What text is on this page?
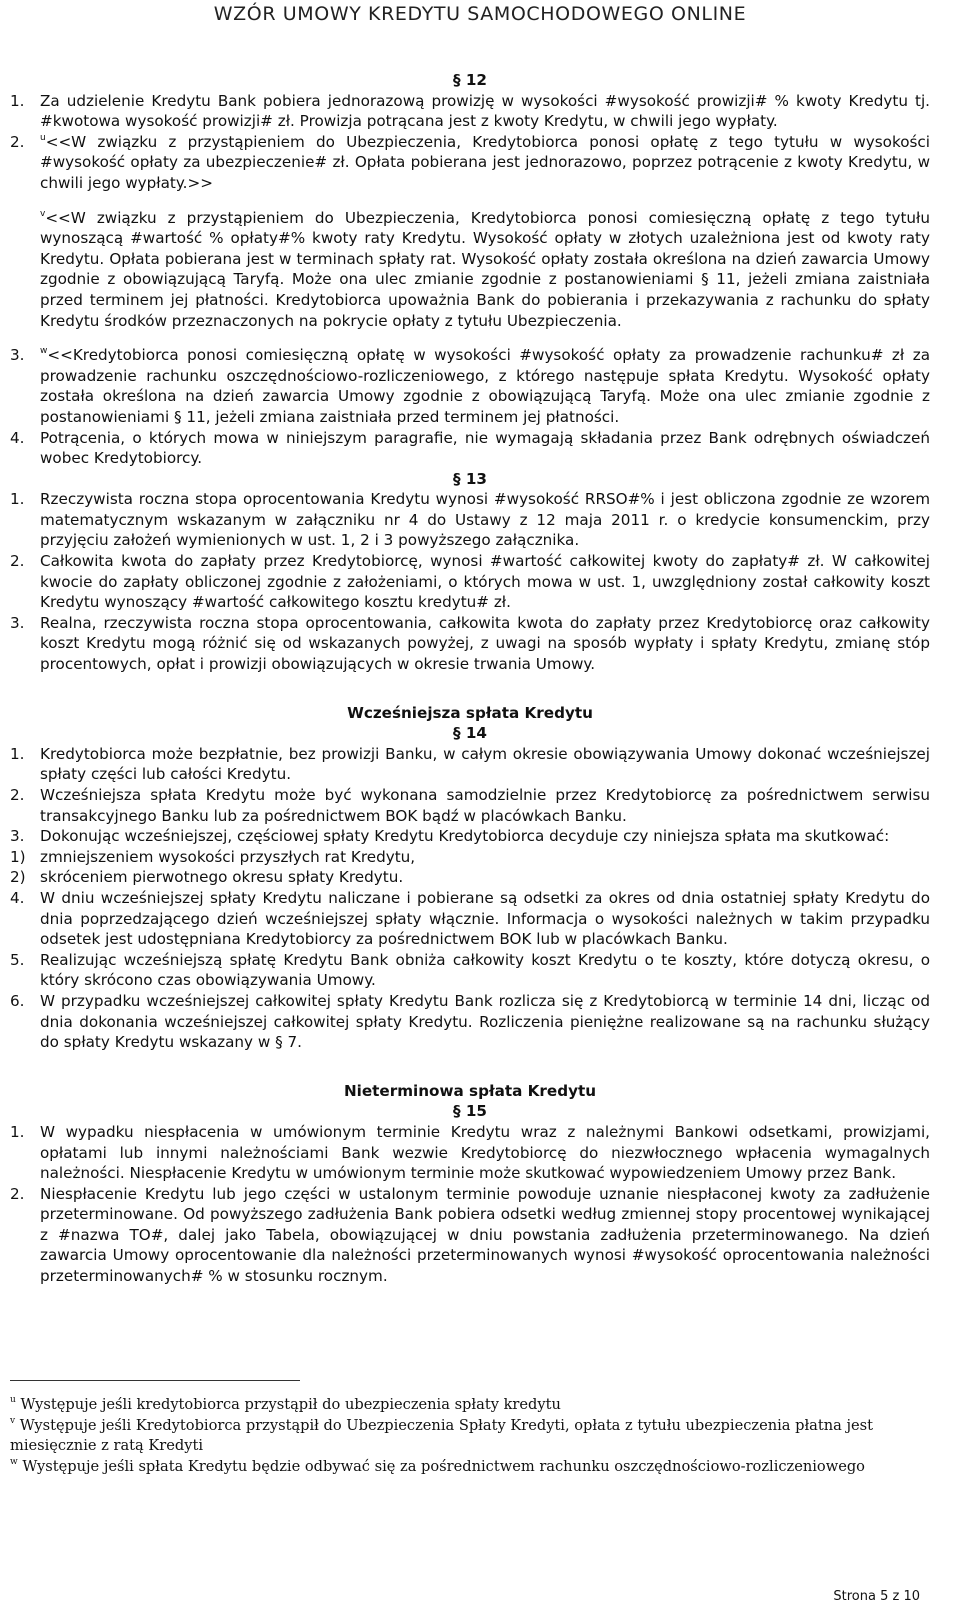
WZÓR UMOWY KREDYTU SAMOCHODOWEGO ONLINE

§ 12

1. Za udzielenie Kredytu Bank pobiera jednorazową prowizję w wysokości #wysokość prowizji# % kwoty Kredytu tj. #kwotowa wysokość prowizji# zł. Prowizja potrącana jest z kwoty Kredytu, w chwili jego wypłaty.
2. $^u$<<W związku z przystąpieniem do Ubezpieczenia, Kredytobiorca ponosi opłatę z tego tytułu w wysokości #wysokość opłaty za ubezpieczenie# zł. Opłata pobierana jest jednorazowo, poprzez potrącenie z kwoty Kredytu, w chwili jego wypłaty.>>
$^v$<<W związku z przystąpieniem do Ubezpieczenia, Kredytobiorca ponosi comiesięczną opłatę z tego tytułu wynoszącą #wartość % opłaty#% kwoty raty Kredytu. Wysokość opłaty w złotych uzależniona jest od kwoty raty Kredytu. Opłata pobierana jest w terminach spłaty rat. Wysokość opłaty została określona na dzień zawarcia Umowy zgodnie z obowiązującą Taryfą. Może ona ulec zmianie zgodnie z postanowieniami § 11, jeżeli zmiana zaistniała przed terminem jej płatności. Kredytobiorca upoważnia Bank do pobierania i przekazywania z rachunku do spłaty Kredytu środków przeznaczonych na pokrycie opłaty z tytułu Ubezpieczenia.
3. $^w$<<Kredytobiorca ponosi comiesięczną opłatę w wysokości #wysokość opłaty za prowadzenie rachunku# zł za prowadzenie rachunku oszczędnościowo-rozliczeniowego, z którego następuje spłata Kredytu. Wysokość opłaty została określona na dzień zawarcia Umowy zgodnie z obowiązującą Taryfą. Może ona ulec zmianie zgodnie z postanowieniami § 11, jeżeli zmiana zaistniała przed terminem jej płatności.
4. Potrącenia, o których mowa w niniejszym paragrafie, nie wymagają składania przez Bank odrębnych oświadczeń wobec Kredytobiorcy.

§ 13

1. Rzeczywista roczna stopa oprocentowania Kredytu wynosi #wysokość RRSO#% i jest obliczona zgodnie ze wzorem matematycznym wskazanym w załączniku nr 4 do Ustawy z 12 maja 2011 r. o kredycie konsumenckim, przy przyjęciu założeń wymienionych w ust. 1, 2 i 3 powyższego załącznika.
2. Całkowita kwota do zapłaty przez Kredytobiorcę, wynosi #wartość całkowitej kwoty do zapłaty# zł. W całkowitej kwocie do zapłaty obliczonej zgodnie z założeniami, o których mowa w ust. 1, uwzględniony został całkowity koszt Kredytu wynoszący #wartość całkowitego kosztu kredytu# zł.
3. Realna, rzeczywista roczna stopa oprocentowania, całkowita kwota do zapłaty przez Kredytobiorcę oraz całkowity koszt Kredytu mogą różnić się od wskazanych powyżej, z uwagi na sposób wypłaty i spłaty Kredytu, zmianę stóp procentowych, opłat i prowizji obowiązujących w okresie trwania Umowy.

Wcześniejsza spłata Kredytu

§ 14

1. Kredytobiorca może bezpłatnie, bez prowizji Banku, w całym okresie obowiązywania Umowy dokonać wcześniejszej spłaty części lub całości Kredytu.
2. Wcześniejsza spłata Kredytu może być wykonana samodzielnie przez Kredytobiorcę za pośrednictwem serwisu transakcyjnego Banku lub za pośrednictwem BOK bądź w placówkach Banku.
3. Dokonując wcześniejszej, częściowej spłaty Kredytu Kredytobiorca decyduje czy niniejsza spłata ma skutkować:
1) zmniejszeniem wysokości przyszłych rat Kredytu,
2) skróceniem pierwotnego okresu spłaty Kredytu.
4. W dniu wcześniejszej spłaty Kredytu naliczane i pobierane są odsetki za okres od dnia ostatniej spłaty Kredytu do dnia poprzedzającego dzień wcześniejszej spłaty włącznie. Informacja o wysokości należnych w takim przypadku odsetek jest udostępniana Kredytobiorcy za pośrednictwem BOK lub w placówkach Banku.
5. Realizując wcześniejszą spłatę Kredytu Bank obniża całkowity koszt Kredytu o te koszty, które dotyczą okresu, o który skrócono czas obowiązywania Umowy.
6. W przypadku wcześniejszej całkowitej spłaty Kredytu Bank rozlicza się z Kredytobiorcą w terminie 14 dni, licząc od dnia dokonania wcześniejszej całkowitej spłaty Kredytu. Rozliczenia pieniężne realizowane są na rachunku służący do spłaty Kredytu wskazany w § 7.

Nieterminowa spłata Kredytu

§ 15

1. W wypadku niespłacenia w umówionym terminie Kredytu wraz z należnymi Bankowi odsetkami, prowizjami, opłatami lub innymi należnościami Bank wezwie Kredytobiorcę do niezwłocznego wpłacenia wymagalnych należności. Niespłacenie Kredytu w umówionym terminie może skutkować wypowiedzeniem Umowy przez Bank.
2. Niespłacenie Kredytu lub jego części w ustalonym terminie powoduje uznanie niespłaconej kwoty za zadłużenie przeterminowane. Od powyższego zadłużenia Bank pobiera odsetki według zmiennej stopy procentowej wynikającej z #nazwa TO#, dalej jako Tabela, obowiązującej w dniu powstania zadłużenia przeterminowanego. Na dzień zawarcia Umowy oprocentowanie dla należności przeterminowanych wynosi #wysokość oprocentowania należności przeterminowanych# % w stosunku rocznym.

$^u$ Występuje jeśli kredytobiorca przystąpił do ubezpieczenia spłaty kredytu

$^v$ Występuje jeśli Kredytobiorca przystąpił do Ubezpieczenia Spłaty Kredyti, opłata z tytułu ubezpieczenia płatna jest miesięcznie z ratą Kredyti

$^w$ Występuje jeśli spłata Kredytu będzie odbywać się za pośrednictwem rachunku oszczędnościowo-rozliczeniowego

Strona 5 z 10
